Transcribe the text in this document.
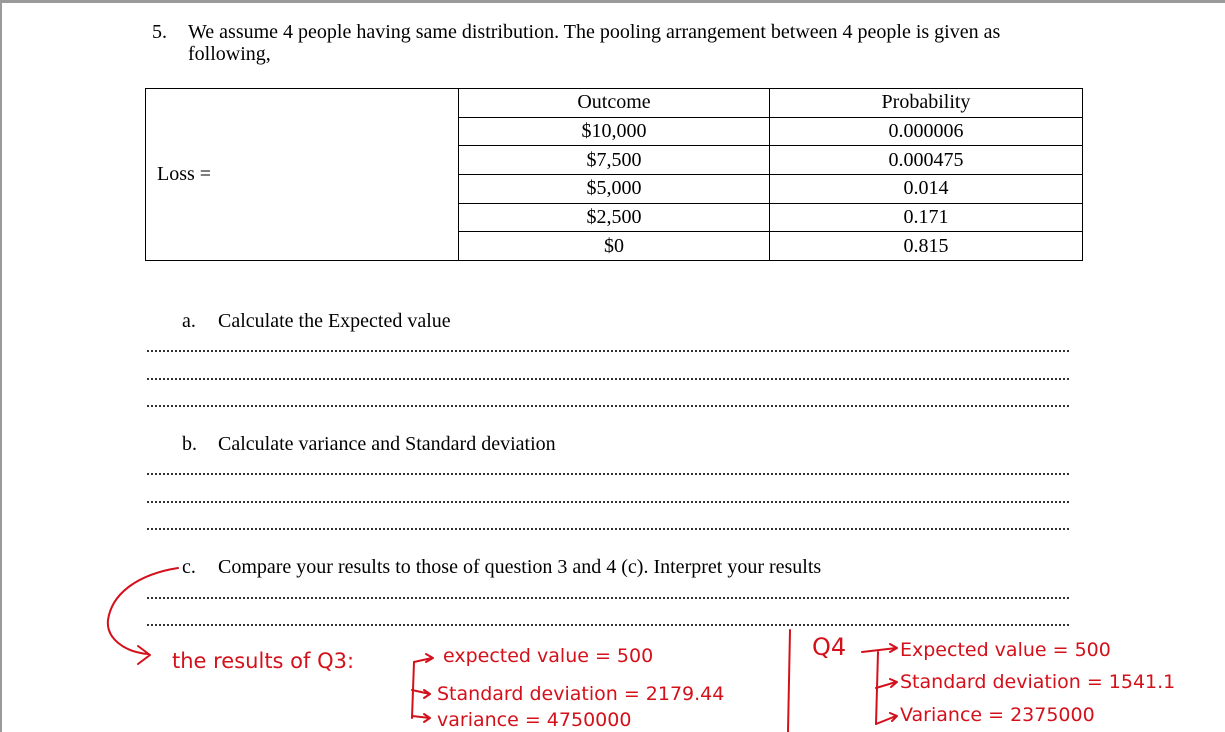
5. We assume 4 people having same distribution. The pooling arrangement between 4 people is given as following,
Loss =	Outcome	Probability
	$10,000	0.000006
	$7,500	0.000475
	$5,000	0.014
	$2,500	0.171
	$0	0.815
a. Calculate the Expected value
b. Calculate variance and Standard deviation
c. Compare your results to those of question 3 and 4 (c). Interpret your results
the results of Q3:	expected value = 500
Standard deviation = 2179.44
variance = 4750000
Q4	Expected value = 500
Standard deviation = 1541.1
Variance = 2375000
